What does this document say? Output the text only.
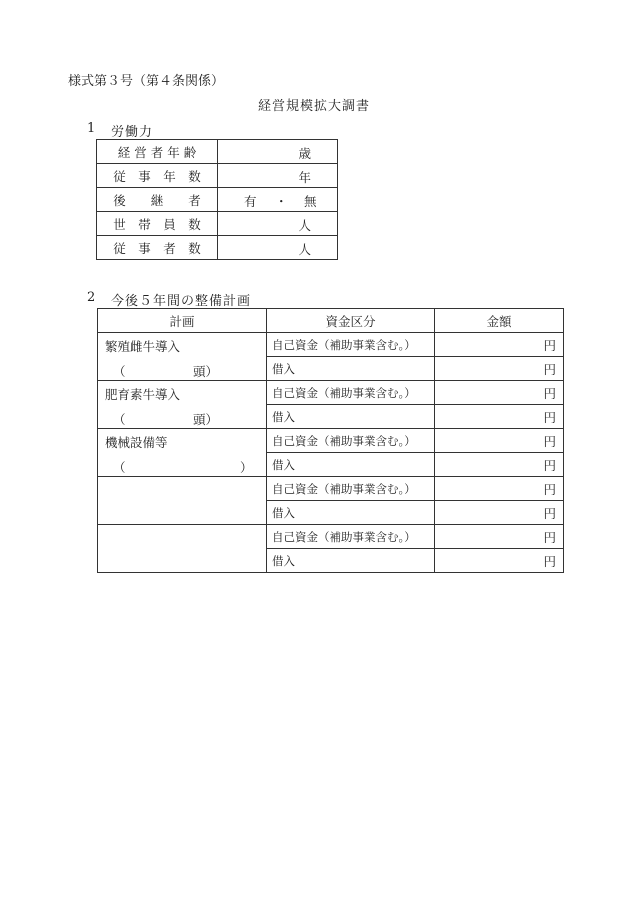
様式第３号（第４条関係）
経営規模拡大調書
1 労働力
経 営 者 年 齢	歳

従　事　年　数	年

後　　継　　者	有 ・ 無

世　帯　員　数	人

従　事　者　数	人
2 今後５年間の整備計画
計画	資金区分	金額

繁殖雌牛導入
（ 頭）	自己資金（補助事業含む。）	円
	借入	円

肥育素牛導入
（ 頭）	自己資金（補助事業含む。）	円
	借入	円

機械設備等
（ ）	自己資金（補助事業含む。）	円
	借入	円

	自己資金（補助事業含む。）	円
	借入	円

	自己資金（補助事業含む。）	円
	借入	円
